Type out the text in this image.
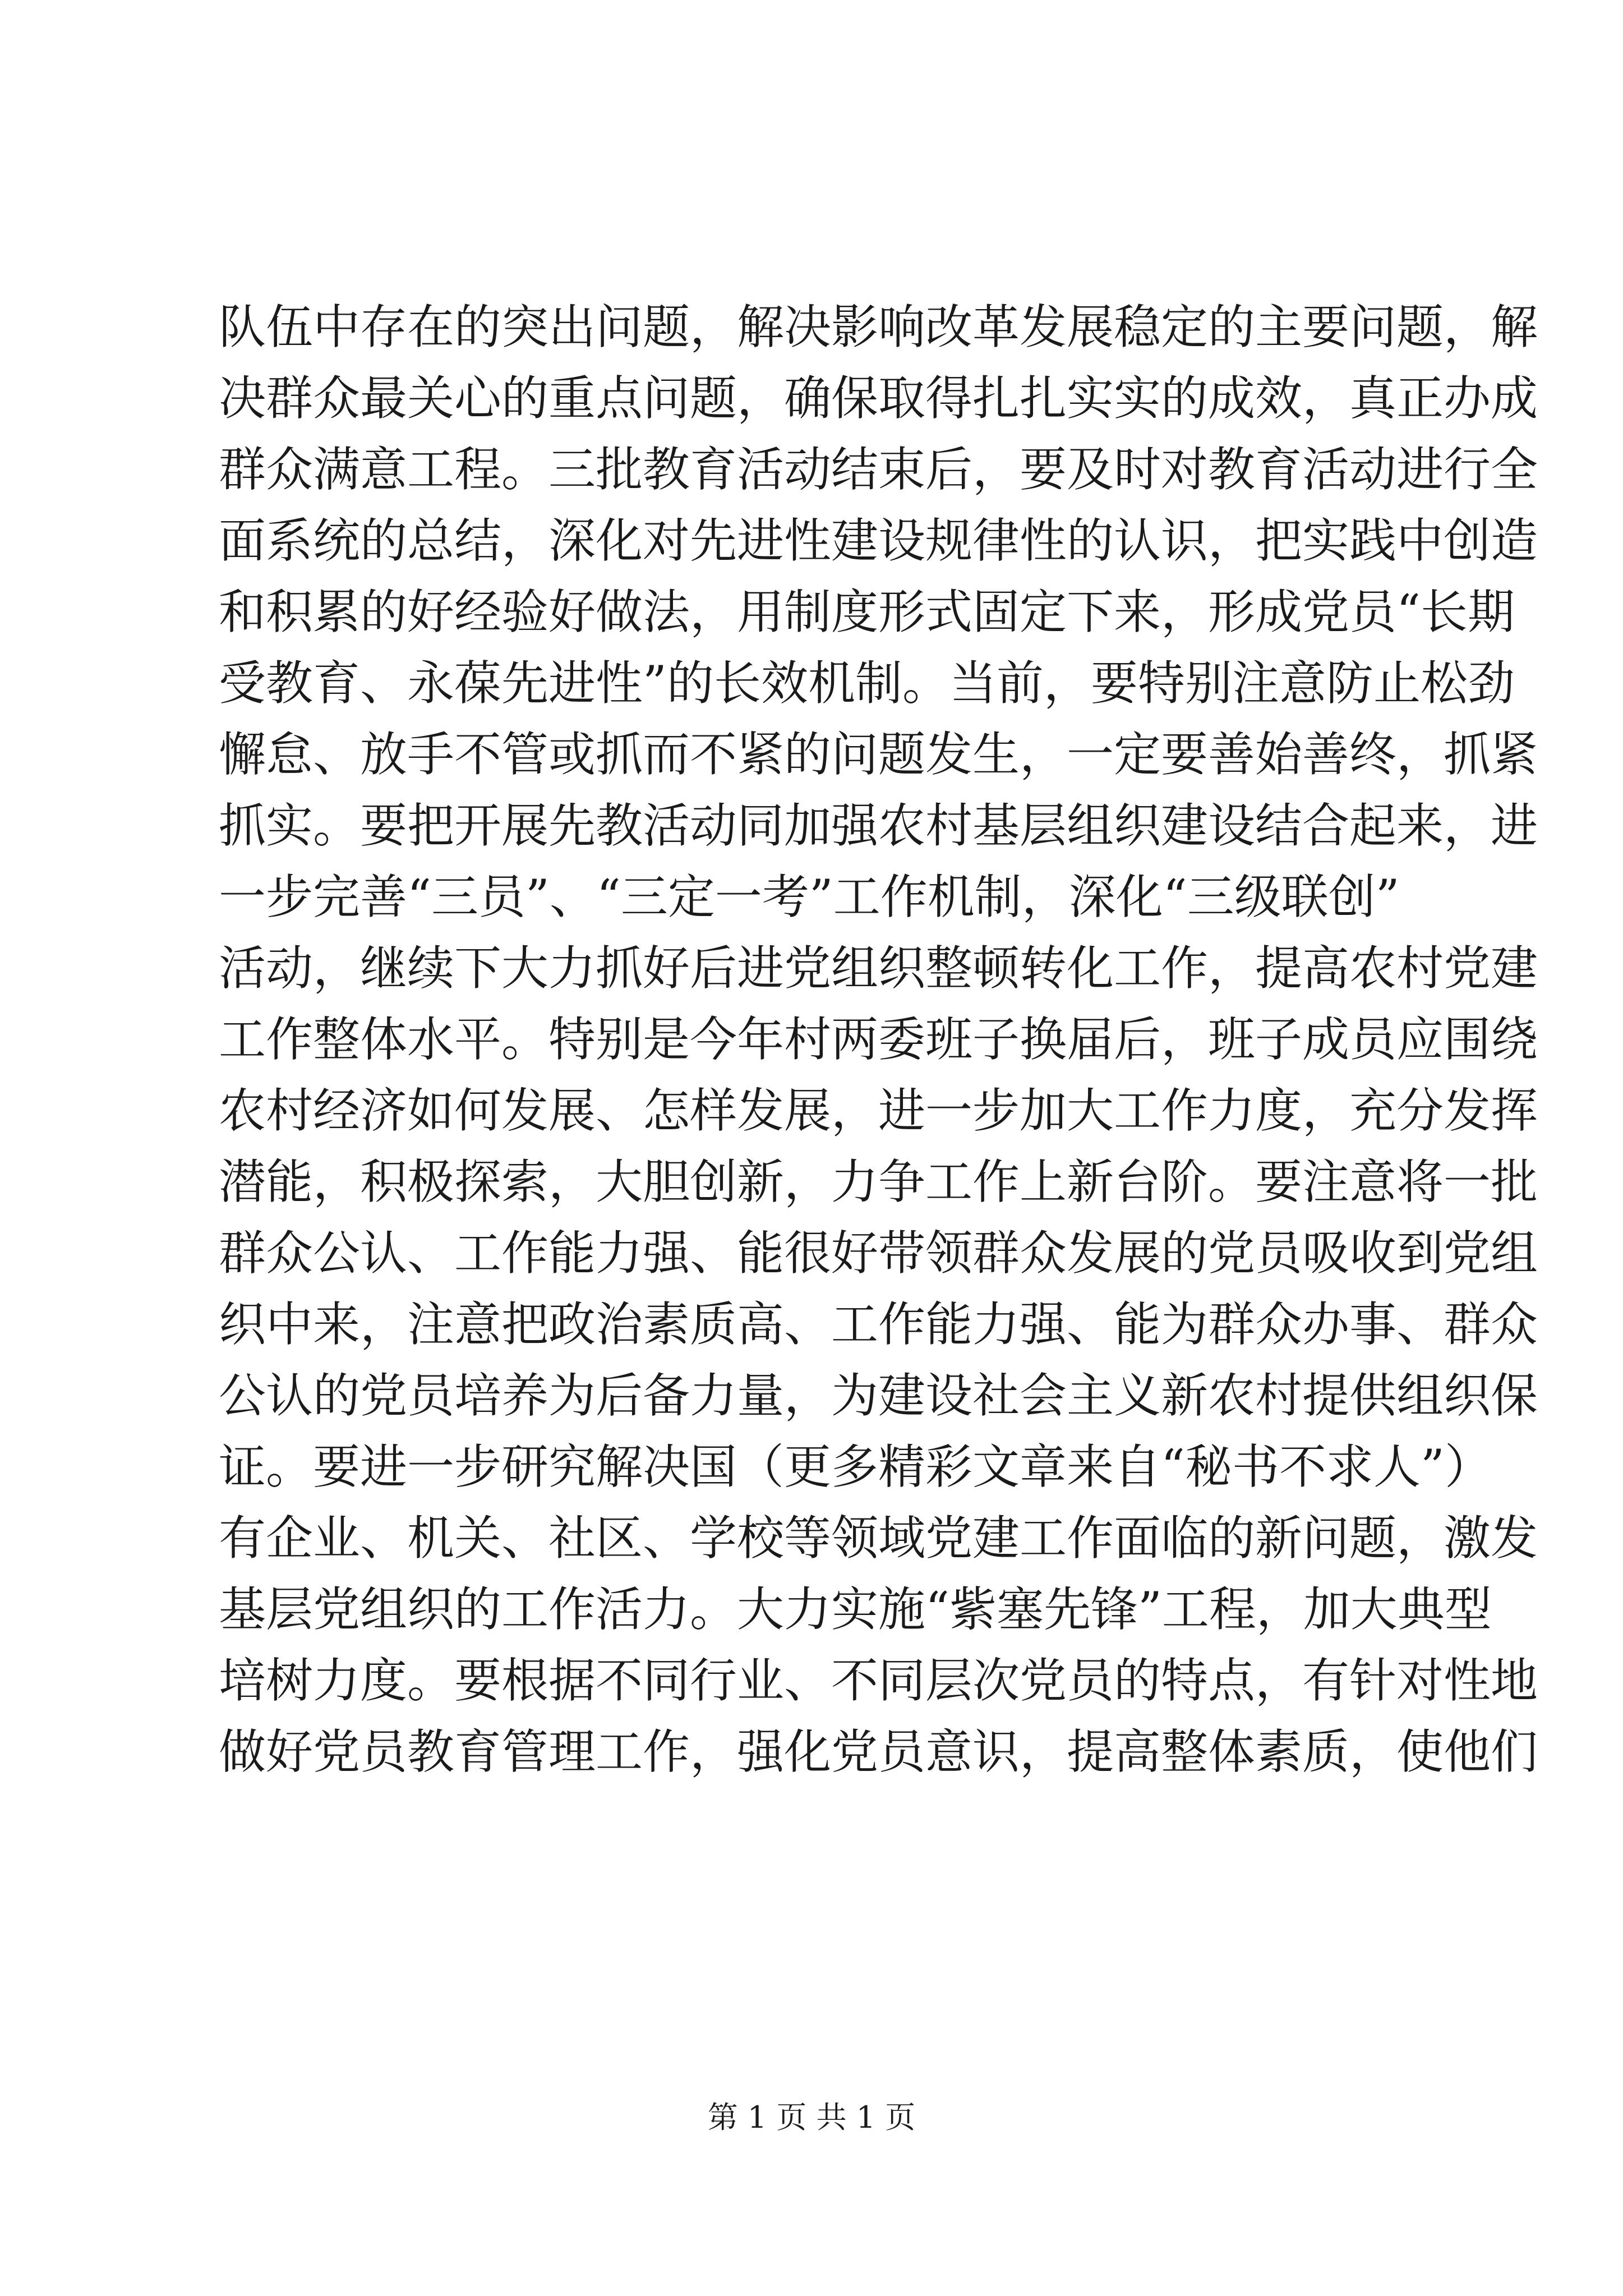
队伍中存在的突出问题，解决影响改革发展稳定的主要问题，解
决群众最关心的重点问题，确保取得扎扎实实的成效，真正办成
群众满意工程。三批教育活动结束后，要及时对教育活动进行全
面系统的总结，深化对先进性建设规律性的认识，把实践中创造
和积累的好经验好做法，用制度形式固定下来，形成党员“长期
受教育、永葆先进性”的长效机制。当前，要特别注意防止松劲
懈怠、放手不管或抓而不紧的问题发生，一定要善始善终，抓紧
抓实。要把开展先教活动同加强农村基层组织建设结合起来，进
一步完善“三员”、“三定一考”工作机制，深化“三级联创”
活动，继续下大力抓好后进党组织整顿转化工作，提高农村党建
工作整体水平。特别是今年村两委班子换届后，班子成员应围绕
农村经济如何发展、怎样发展，进一步加大工作力度，充分发挥
潜能，积极探索，大胆创新，力争工作上新台阶。要注意将一批
群众公认、工作能力强、能很好带领群众发展的党员吸收到党组
织中来，注意把政治素质高、工作能力强、能为群众办事、群众
公认的党员培养为后备力量，为建设社会主义新农村提供组织保
证。要进一步研究解决国（更多精彩文章来自“秘书不求人”）
有企业、机关、社区、学校等领域党建工作面临的新问题，激发
基层党组织的工作活力。大力实施“紫塞先锋”工程，加大典型
培树力度。要根据不同行业、不同层次党员的特点，有针对性地
做好党员教育管理工作，强化党员意识，提高整体素质，使他们
第 1 页 共 1 页
